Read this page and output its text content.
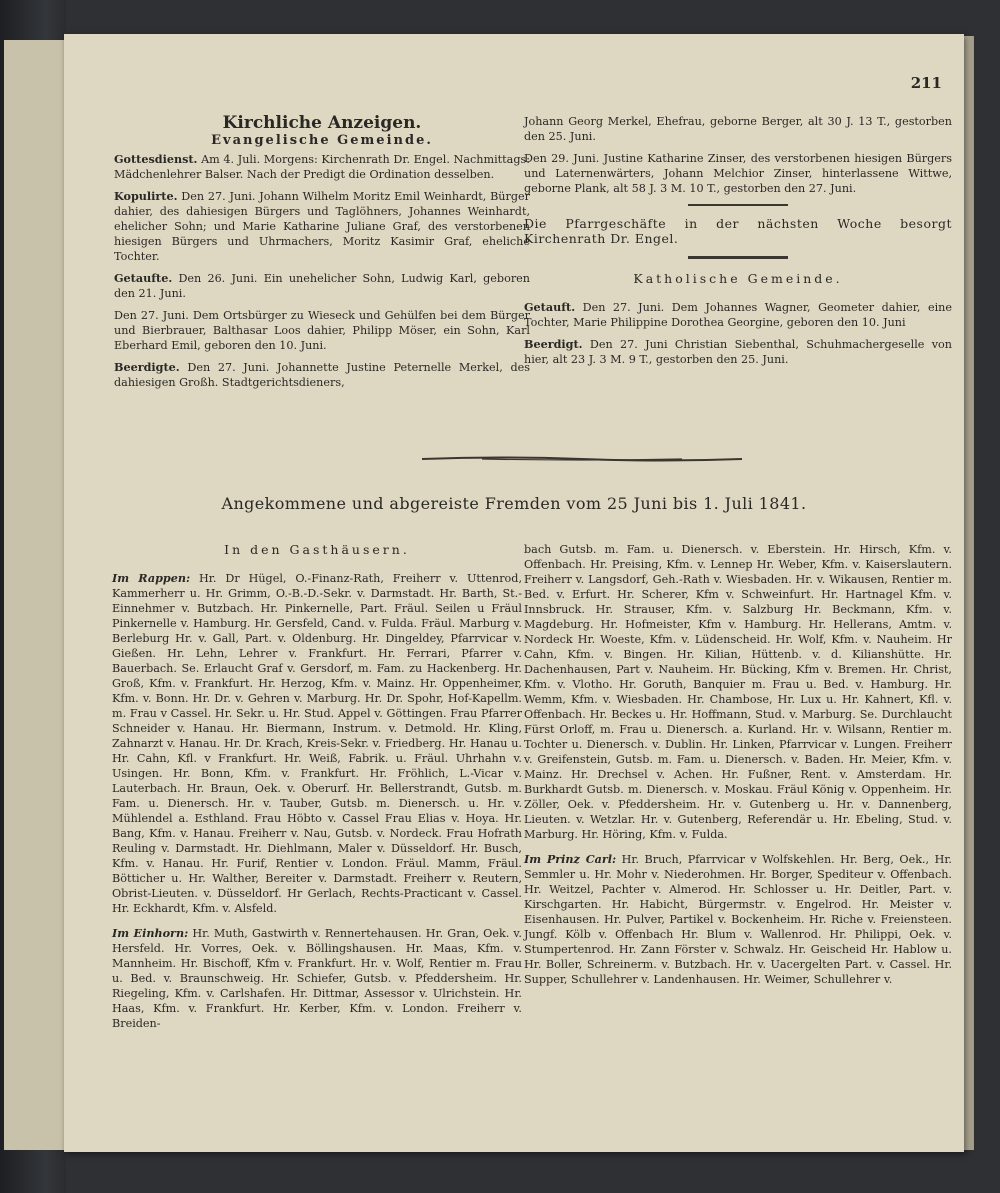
211
Kirchliche Anzeigen.
Evangelische Gemeinde.

Gottesdienst. Am 4. Juli. Morgens: Kirchenrath Dr. Engel. Nachmittags: Mädchenlehrer Balser. Nach der Predigt die Ordination desselben.

Kopulirte. Den 27. Juni. Johann Wilhelm Moritz Emil Weinhardt, Bürger dahier, des dahiesigen Bürgers und Taglöhners, Johannes Weinhardt, ehelicher Sohn; und Marie Katharine Juliane Graf, des verstorbenen hiesigen Bürgers und Uhrmachers, Moritz Kasimir Graf, eheliche Tochter.

Getaufte. Den 26. Juni. Ein unehelicher Sohn, Ludwig Karl, geboren den 21. Juni.

Den 27. Juni. Dem Ortsbürger zu Wieseck und Gehülfen bei dem Bürger und Bierbrauer, Balthasar Loos dahier, Philipp Möser, ein Sohn, Karl Eberhard Emil, geboren den 10. Juni.

Beerdigte. Den 27. Juni. Johannette Justine Peternelle Merkel, des dahiesigen Großh. Stadtgerichtsdieners,

Johann Georg Merkel, Ehefrau, geborne Berger, alt 30 J. 13 T., gestorben den 25. Juni.

Den 29. Juni. Justine Katharine Zinser, des verstorbenen hiesigen Bürgers und Laternenwärters, Johann Melchior Zinser, hinterlassene Wittwe, geborne Plank, alt 58 J. 3 M. 10 T., gestorben den 27. Juni.

Die Pfarrgeschäfte in der nächsten Woche besorgt Kirchenrath Dr. Engel.

Katholische Gemeinde.

Getauft. Den 27. Juni. Dem Johannes Wagner, Geometer dahier, eine Tochter, Marie Philippine Dorothea Georgine, geboren den 10. Juni

Beerdigt. Den 27. Juni Christian Siebenthal, Schuhmachergeselle von hier, alt 23 J. 3 M. 9 T., gestorben den 25. Juni.

Angekommene und abgereiste Fremden vom 25 Juni bis 1. Juli 1841.
In den Gasthäusern.

Im Rappen: Hr. Dr Hügel, O.-Finanz-Rath, Freiherr v. Uttenrod, Kammerherr u. Hr. Grimm, O.-B.-D.-Sekr. v. Darmstadt. Hr. Barth, St.-Einnehmer v. Butzbach. Hr. Pinkernelle, Part. Fräul. Seilen u Fräul Pinkernelle v. Hamburg. Hr. Gersfeld, Cand. v. Fulda. Fräul. Marburg v. Berleburg Hr. v. Gall, Part. v. Oldenburg. Hr. Dingeldey, Pfarrvicar v. Gießen. Hr. Lehn, Lehrer v. Frankfurt. Hr. Ferrari, Pfarrer v. Bauerbach. Se. Erlaucht Graf v. Gersdorf, m. Fam. zu Hackenberg. Hr. Groß, Kfm. v. Frankfurt. Hr. Herzog, Kfm. v. Mainz. Hr. Oppenheimer, Kfm. v. Bonn. Hr. Dr. v. Gehren v. Marburg. Hr. Dr. Spohr, Hof-Kapellm. m. Frau v Cassel. Hr. Sekr. u. Hr. Stud. Appel v. Göttingen. Frau Pfarrer Schneider v. Hanau. Hr. Biermann, Instrum. v. Detmold. Hr. Kling, Zahnarzt v. Hanau. Hr. Dr. Krach, Kreis-Sekr. v. Friedberg. Hr. Hanau u. Hr. Cahn, Kfl. v Frankfurt. Hr. Weiß, Fabrik. u. Fräul. Uhrhahn v. Usingen. Hr. Bonn, Kfm. v. Frankfurt. Hr. Fröhlich, L.-Vicar v. Lauterbach. Hr. Braun, Oek. v. Oberurf. Hr. Bellerstrandt, Gutsb. m. Fam. u. Dienersch. Hr. v. Tauber, Gutsb. m. Dienersch. u. Hr. v. Mühlendel a. Esthland. Frau Höbto v. Cassel Frau Elias v. Hoya. Hr. Bang, Kfm. v. Hanau. Freiherr v. Nau, Gutsb. v. Nordeck. Frau Hofrath Reuling v. Darmstadt. Hr. Diehlmann, Maler v. Düsseldorf. Hr. Busch, Kfm. v. Hanau. Hr. Furif, Rentier v. London. Fräul. Mamm, Fräul. Bötticher u. Hr. Walther, Bereiter v. Darmstadt. Freiherr v. Reutern, Obrist-Lieuten. v. Düsseldorf. Hr Gerlach, Rechts-Practicant v. Cassel. Hr. Eckhardt, Kfm. v. Alsfeld.

Im Einhorn: Hr. Muth, Gastwirth v. Rennertehausen. Hr. Gran, Oek. v. Hersfeld. Hr. Vorres, Oek. v. Böllingshausen. Hr. Maas, Kfm. v. Mannheim. Hr. Bischoff, Kfm v. Frankfurt. Hr. v. Wolf, Rentier m. Frau u. Bed. v. Braunschweig. Hr. Schiefer, Gutsb. v. Pfeddersheim. Hr. Riegeling, Kfm. v. Carlshafen. Hr. Dittmar, Assessor v. Ulrichstein. Hr. Haas, Kfm. v. Frankfurt. Hr. Kerber, Kfm. v. London. Freiherr v. Breiden-

bach Gutsb. m. Fam. u. Dienersch. v. Eberstein. Hr. Hirsch, Kfm. v. Offenbach. Hr. Preising, Kfm. v. Lennep Hr. Weber, Kfm. v. Kaiserslautern. Freiherr v. Langsdorf, Geh.-Rath v. Wiesbaden. Hr. v. Wikausen, Rentier m. Bed. v. Erfurt. Hr. Scherer, Kfm v. Schweinfurt. Hr. Hartnagel Kfm. v. Innsbruck. Hr. Strauser, Kfm. v. Salzburg Hr. Beckmann, Kfm. v. Magdeburg. Hr. Hofmeister, Kfm v. Hamburg. Hr. Hellerans, Amtm. v. Nordeck Hr. Woeste, Kfm. v. Lüdenscheid. Hr. Wolf, Kfm. v. Nauheim. Hr Cahn, Kfm. v. Bingen. Hr. Kilian, Hüttenb. v. d. Kilianshütte. Hr. Dachenhausen, Part v. Nauheim. Hr. Bücking, Kfm v. Bremen. Hr. Christ, Kfm. v. Vlotho. Hr. Goruth, Banquier m. Frau u. Bed. v. Hamburg. Hr. Wemm, Kfm. v. Wiesbaden. Hr. Chambose, Hr. Lux u. Hr. Kahnert, Kfl. v. Offenbach. Hr. Beckes u. Hr. Hoffmann, Stud. v. Marburg. Se. Durchlaucht Fürst Orloff, m. Frau u. Dienersch. a. Kurland. Hr. v. Wilsann, Rentier m. Tochter u. Dienersch. v. Dublin. Hr. Linken, Pfarrvicar v. Lungen. Freiherr v. Greifenstein, Gutsb. m. Fam. u. Dienersch. v. Baden. Hr. Meier, Kfm. v. Mainz. Hr. Drechsel v. Achen. Hr. Fußner, Rent. v. Amsterdam. Hr. Burkhardt Gutsb. m. Dienersch. v. Moskau. Fräul König v. Oppenheim. Hr. Zöller, Oek. v. Pfeddersheim. Hr. v. Gutenberg u. Hr. v. Dannenberg, Lieuten. v. Wetzlar. Hr. v. Gutenberg, Referendär u. Hr. Ebeling, Stud. v. Marburg. Hr. Höring, Kfm. v. Fulda.

Im Prinz Carl: Hr. Bruch, Pfarrvicar v Wolfskehlen. Hr. Berg, Oek., Hr. Semmler u. Hr. Mohr v. Niederohmen. Hr. Borger, Spediteur v. Offenbach. Hr. Weitzel, Pachter v. Almerod. Hr. Schlosser u. Hr. Deitler, Part. v. Kirschgarten. Hr. Habicht, Bürgermstr. v. Engelrod. Hr. Meister v. Eisenhausen. Hr. Pulver, Partikel v. Bockenheim. Hr. Riche v. Freiensteen. Jungf. Kölb v. Offenbach Hr. Blum v. Wallenrod. Hr. Philippi, Oek. v. Stumpertenrod. Hr. Zann Förster v. Schwalz. Hr. Geischeid Hr. Hablow u. Hr. Boller, Schreinerm. v. Butzbach. Hr. v. Uacergelten Part. v. Cassel. Hr. Supper, Schullehrer v. Landenhausen. Hr. Weimer, Schullehrer v.
